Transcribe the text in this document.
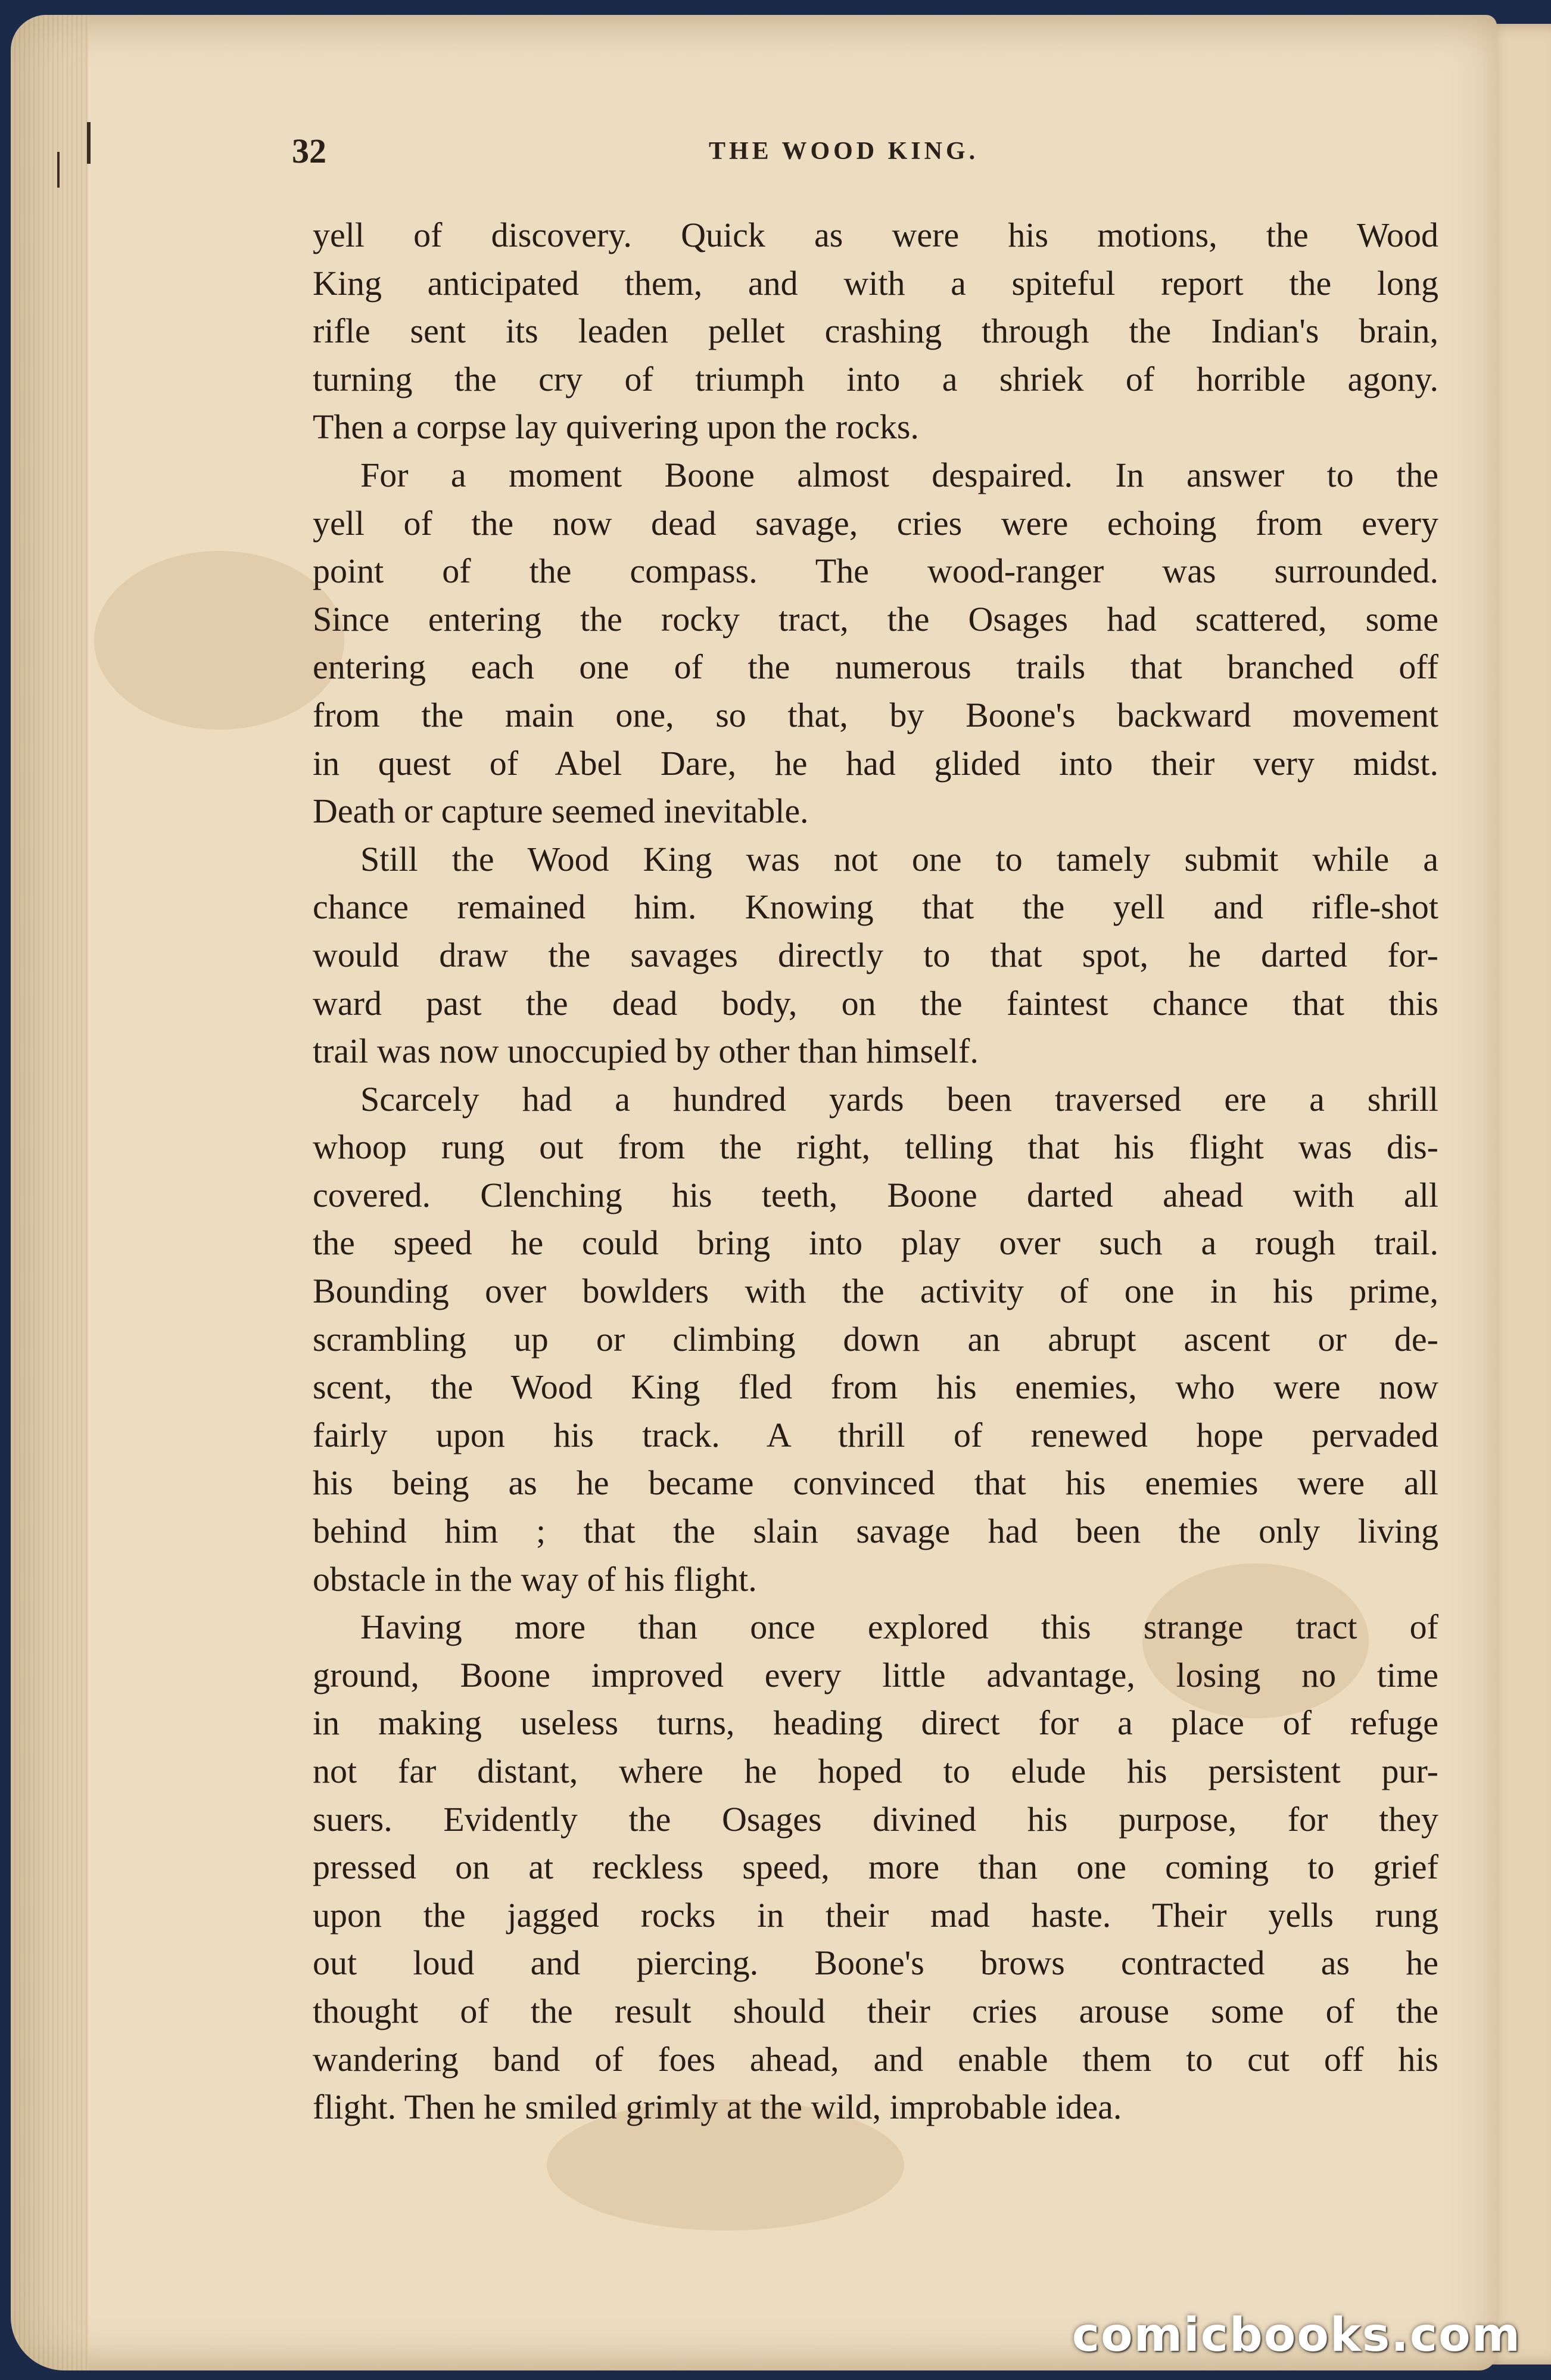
32	THE WOOD KING.
yell of discovery. Quick as were his motions, the Wood
King anticipated them, and with a spiteful report the long
rifle sent its leaden pellet crashing through the Indian's brain,
turning the cry of triumph into a shriek of horrible agony.
Then a corpse lay quivering upon the rocks.
For a moment Boone almost despaired. In answer to the
yell of the now dead savage, cries were echoing from every
point of the compass. The wood-ranger was surrounded.
Since entering the rocky tract, the Osages had scattered, some
entering each one of the numerous trails that branched off
from the main one, so that, by Boone's backward movement
in quest of Abel Dare, he had glided into their very midst.
Death or capture seemed inevitable.
Still the Wood King was not one to tamely submit while a
chance remained him. Knowing that the yell and rifle-shot
would draw the savages directly to that spot, he darted for-
ward past the dead body, on the faintest chance that this
trail was now unoccupied by other than himself.
Scarcely had a hundred yards been traversed ere a shrill
whoop rung out from the right, telling that his flight was dis-
covered. Clenching his teeth, Boone darted ahead with all
the speed he could bring into play over such a rough trail.
Bounding over bowlders with the activity of one in his prime,
scrambling up or climbing down an abrupt ascent or de-
scent, the Wood King fled from his enemies, who were now
fairly upon his track. A thrill of renewed hope pervaded
his being as he became convinced that his enemies were all
behind him ; that the slain savage had been the only living
obstacle in the way of his flight.
Having more than once explored this strange tract of
ground, Boone improved every little advantage, losing no time
in making useless turns, heading direct for a place of refuge
not far distant, where he hoped to elude his persistent pur-
suers. Evidently the Osages divined his purpose, for they
pressed on at reckless speed, more than one coming to grief
upon the jagged rocks in their mad haste. Their yells rung
out loud and piercing. Boone's brows contracted as he
thought of the result should their cries arouse some of the
wandering band of foes ahead, and enable them to cut off his
flight. Then he smiled grimly at the wild, improbable idea.
comicbooks.com
